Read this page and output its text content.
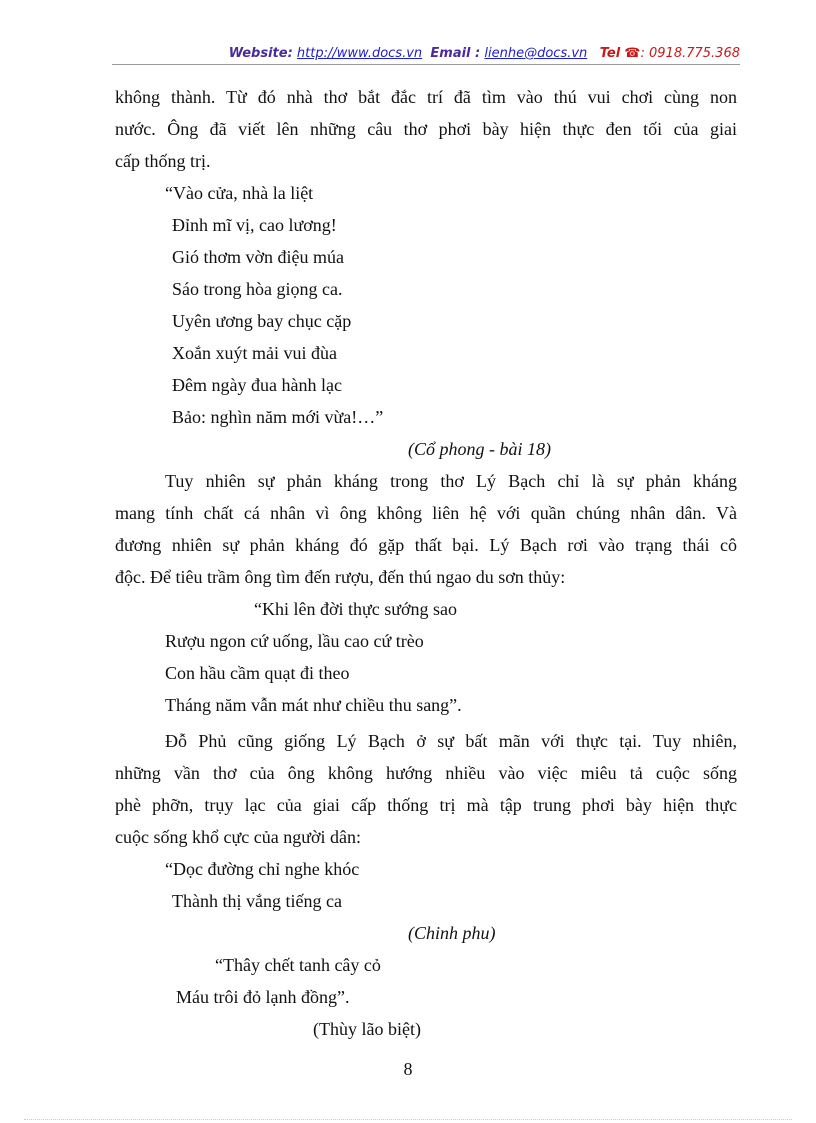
Website: http://www.docs.vn Email : lienhe@docs.vn Tel ☎: 0918.775.368
không thành. Từ đó nhà thơ bắt đắc trí đã tìm vào thú vui chơi cùng non
nước. Ông đã viết lên những câu thơ phơi bày hiện thực đen tối của giai
cấp thống trị.
“Vào cửa, nhà la liệt
Đỉnh mĩ vị, cao lương!
Gió thơm vờn điệu múa
Sáo trong hòa giọng ca.
Uyên ương bay chục cặp
Xoắn xuýt mải vui đùa
Đêm ngày đua hành lạc
Bảo: nghìn năm mới vừa!…”
(Cổ phong - bài 18)
Tuy nhiên sự phản kháng trong thơ Lý Bạch chỉ là sự phản kháng
mang tính chất cá nhân vì ông không liên hệ với quần chúng nhân dân. Và
đương nhiên sự phản kháng đó gặp thất bại. Lý Bạch rơi vào trạng thái cô
độc. Để tiêu trầm ông tìm đến rượu, đến thú ngao du sơn thủy:
“Khi lên đời thực sướng sao
Rượu ngon cứ uống, lầu cao cứ trèo
Con hầu cầm quạt đi theo
Tháng năm vẫn mát như chiều thu sang”.
Đỗ Phủ cũng giống Lý Bạch ở sự bất mãn với thực tại. Tuy nhiên,
những vần thơ của ông không hướng nhiều vào việc miêu tả cuộc sống
phè phỡn, trụy lạc của giai cấp thống trị mà tập trung phơi bày hiện thực
cuộc sống khổ cực của người dân:
“Dọc đường chỉ nghe khóc
Thành thị vắng tiếng ca
(Chinh phu)
“Thây chết tanh cây cỏ
Máu trôi đỏ lạnh đồng”.
(Thùy lão biệt)
8
